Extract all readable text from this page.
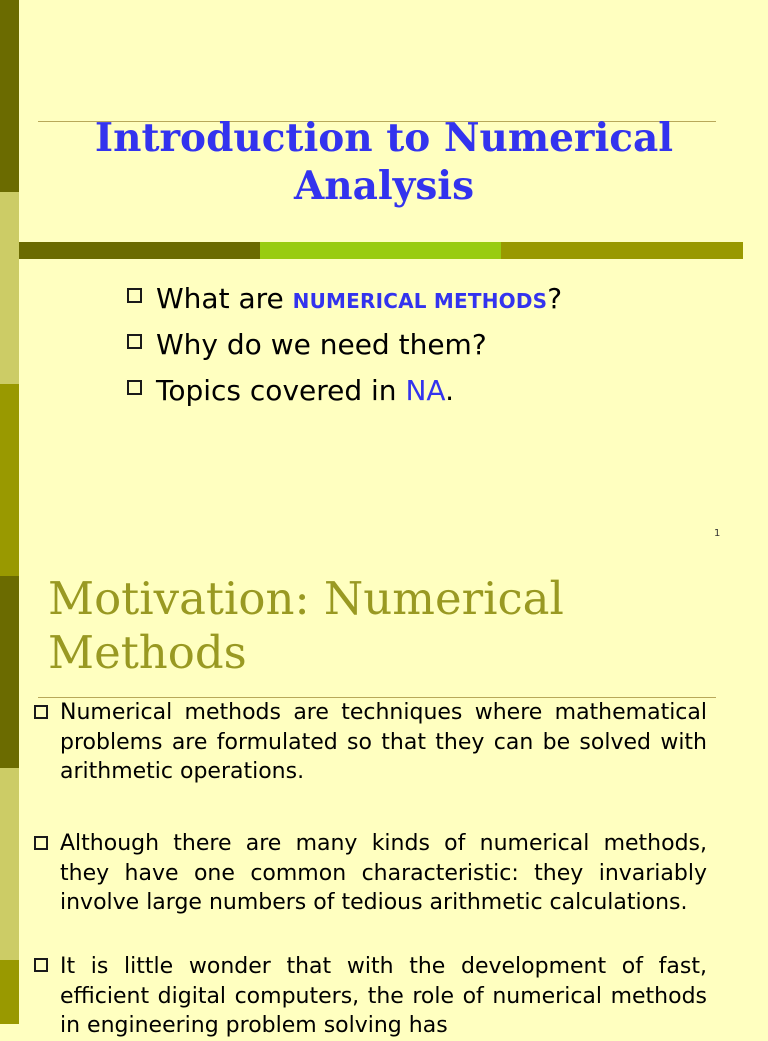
Introduction to Numerical
Analysis
What are NUMERICAL METHODS?
Why do we need them?
Topics covered in NA.
1
Motivation: Numerical Methods

Numerical methods are techniques where mathematical problems are formulated so that they can be solved with arithmetic operations.

Although there are many kinds of numerical methods, they have one common characteristic: they invariably involve large numbers of tedious arithmetic calculations.

It is little wonder that with the development of fast, efficient digital computers, the role of numerical methods in engineering problem solving has
